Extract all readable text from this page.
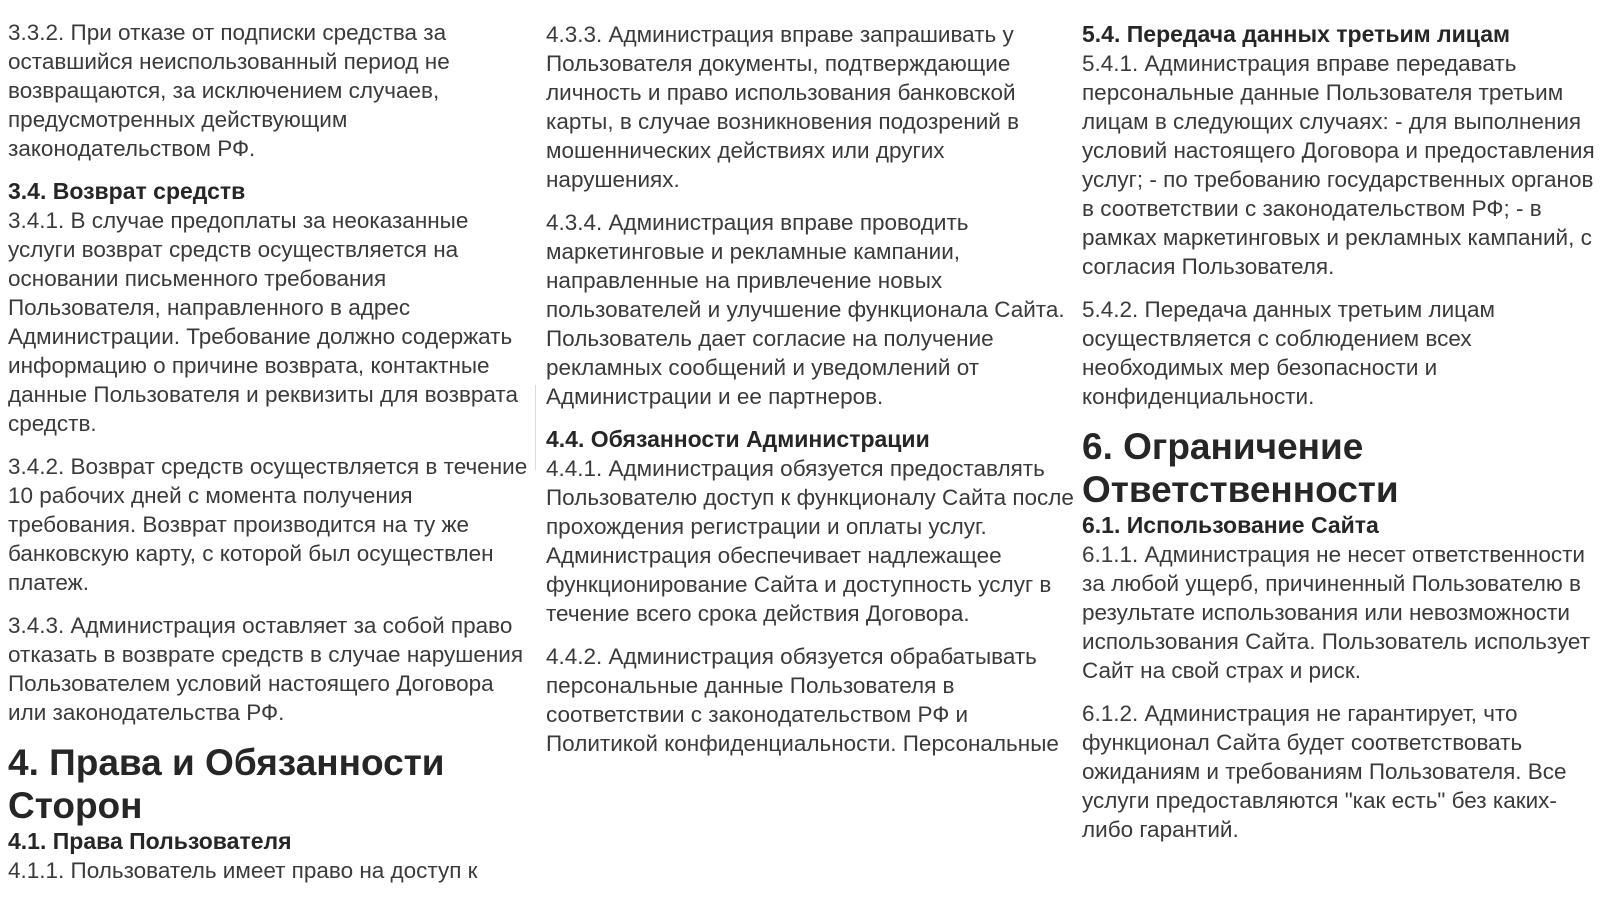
3.3.2. При отказе от подписки средства за оставшийся неиспользованный период не возвращаются, за исключением случаев, предусмотренных действующим законодательством РФ.

3.4. Возврат средств

3.4.1. В случае предоплаты за неоказанные услуги возврат средств осуществляется на основании письменного требования Пользователя, направленного в адрес Администрации. Требование должно содержать информацию о причине возврата, контактные данные Пользователя и реквизиты для возврата средств.

3.4.2. Возврат средств осуществляется в течение 10 рабочих дней с момента получения требования. Возврат производится на ту же банковскую карту, с которой был осуществлен платеж.

3.4.3. Администрация оставляет за собой право отказать в возврате средств в случае нарушения Пользователем условий настоящего Договора или законодательства РФ.

4. Права и Обязанности Сторон
4.1. Права Пользователя

4.1.1. Пользователь имеет право на доступ к

4.3.3. Администрация вправе запрашивать у Пользователя документы, подтверждающие личность и право использования банковской карты, в случае возникновения подозрений в мошеннических действиях или других нарушениях.

4.3.4. Администрация вправе проводить маркетинговые и рекламные кампании, направленные на привлечение новых пользователей и улучшение функционала Сайта. Пользователь дает согласие на получение рекламных сообщений и уведомлений от Администрации и ее партнеров.

4.4. Обязанности Администрации

4.4.1. Администрация обязуется предоставлять Пользователю доступ к функционалу Сайта после прохождения регистрации и оплаты услуг. Администрация обеспечивает надлежащее функционирование Сайта и доступность услуг в течение всего срока действия Договора.

4.4.2. Администрация обязуется обрабатывать персональные данные Пользователя в соответствии с законодательством РФ и Политикой конфиденциальности. Персональные

5.4. Передача данных третьим лицам

5.4.1. Администрация вправе передавать персональные данные Пользователя третьим лицам в следующих случаях: - для выполнения условий настоящего Договора и предоставления услуг; - по требованию государственных органов в соответствии с законодательством РФ; - в рамках маркетинговых и рекламных кампаний, с согласия Пользователя.

5.4.2. Передача данных третьим лицам осуществляется с соблюдением всех необходимых мер безопасности и конфиденциальности.

6. Ограничение Ответственности
6.1. Использование Сайта

6.1.1. Администрация не несет ответственности за любой ущерб, причиненный Пользователю в результате использования или невозможности использования Сайта. Пользователь использует Сайт на свой страх и риск.

6.1.2. Администрация не гарантирует, что функционал Сайта будет соответствовать ожиданиям и требованиям Пользователя. Все услуги предоставляются "как есть" без каких-либо гарантий.
